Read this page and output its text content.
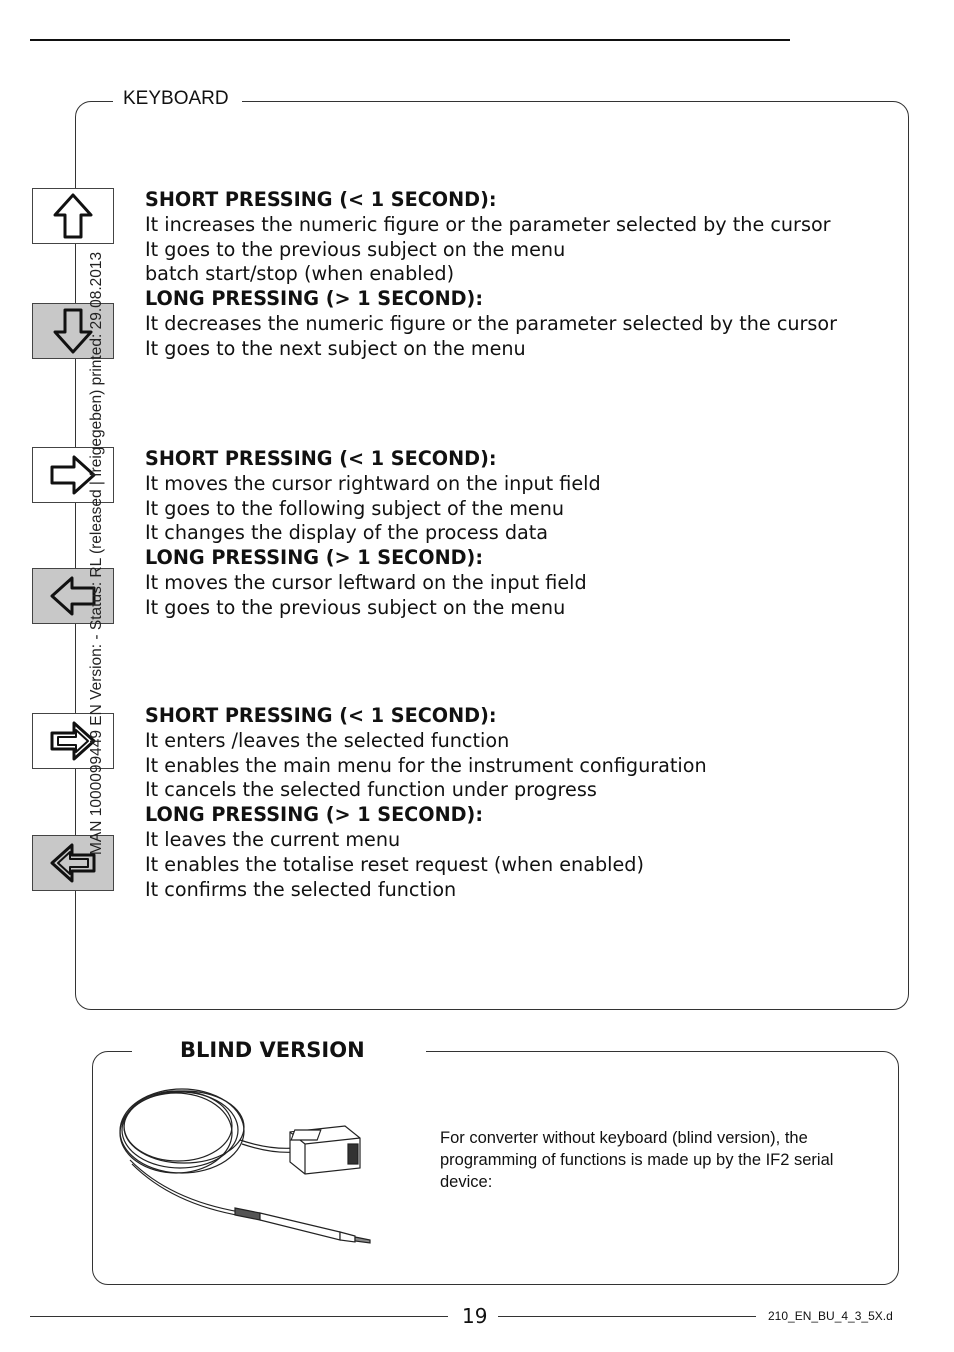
KEYBOARD
MAN 1000099449 EN Version: - Status: RL (released | freigegeben) printed: 29.08.2013
SHORT PRESSING (< 1 SECOND):
It increases the numeric figure or the parameter selected by the cursor
It goes to the previous subject on the menu
batch start/stop (when enabled)
LONG PRESSING (> 1 SECOND):
It decreases the numeric figure or the parameter selected by the cursor
It goes to the next subject on the menu
SHORT PRESSING (< 1 SECOND):
It moves the cursor rightward on the input field
It goes to the following subject of the menu
It changes the display of the process data
LONG PRESSING (> 1 SECOND):
It moves the cursor leftward on the input field
It goes to the previous subject on the menu
SHORT PRESSING (< 1 SECOND):
It enters /leaves the selected function
It enables the main menu for the instrument configuration
It cancels the selected function under progress
LONG PRESSING (> 1 SECOND):
It leaves the current menu
It enables the totalise reset request (when enabled)
It confirms the selected function
BLIND VERSION
For converter without keyboard (blind version), the programming of functions is made up by the IF2 serial device:
19	210_EN_BU_4_3_5X.d
